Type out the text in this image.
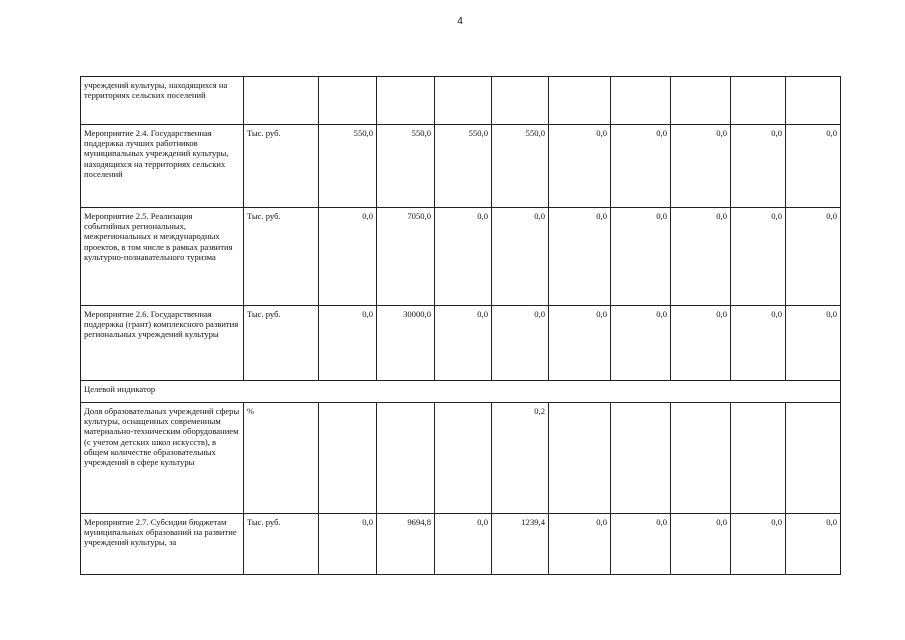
4
учреждений культуры, находящихся на территориях сельских поселений										
Мероприятие 2.4. Государственная поддержка лучших работников муниципальных учреждений культуры, находящихся на территориях сельских поселений	Тыс. руб.	550,0	550,0	550,0	550,0	0,0	0,0	0,0	0,0	0,0
Мероприятие 2.5. Реализация событийных региональных, межрегиональных и международных проектов, в том числе в рамках развития культурно-познавательного туризма	Тыс. руб.	0,0	7050,0	0,0	0,0	0,0	0,0	0,0	0,0	0,0
Мероприятие 2.6. Государственная поддержка (грант) комплексного развития региональных учреждений культуры	Тыс. руб.	0,0	30000,0	0,0	0,0	0,0	0,0	0,0	0,0	0,0
Целевой индикатор										
Доля образовательных учреждений сферы культуры, оснащенных современным материально-техническим оборудованием (с учетом детских школ искусств), в общем количестве образовательных учреждений в сфере культуры	%				0,2					
Мероприятие 2.7. Субсидии бюджетам муниципальных образований на развитие учреждений культуры, за	Тыс. руб.	0,0	9694,8	0,0	1239,4	0,0	0,0	0,0	0,0	0,0
